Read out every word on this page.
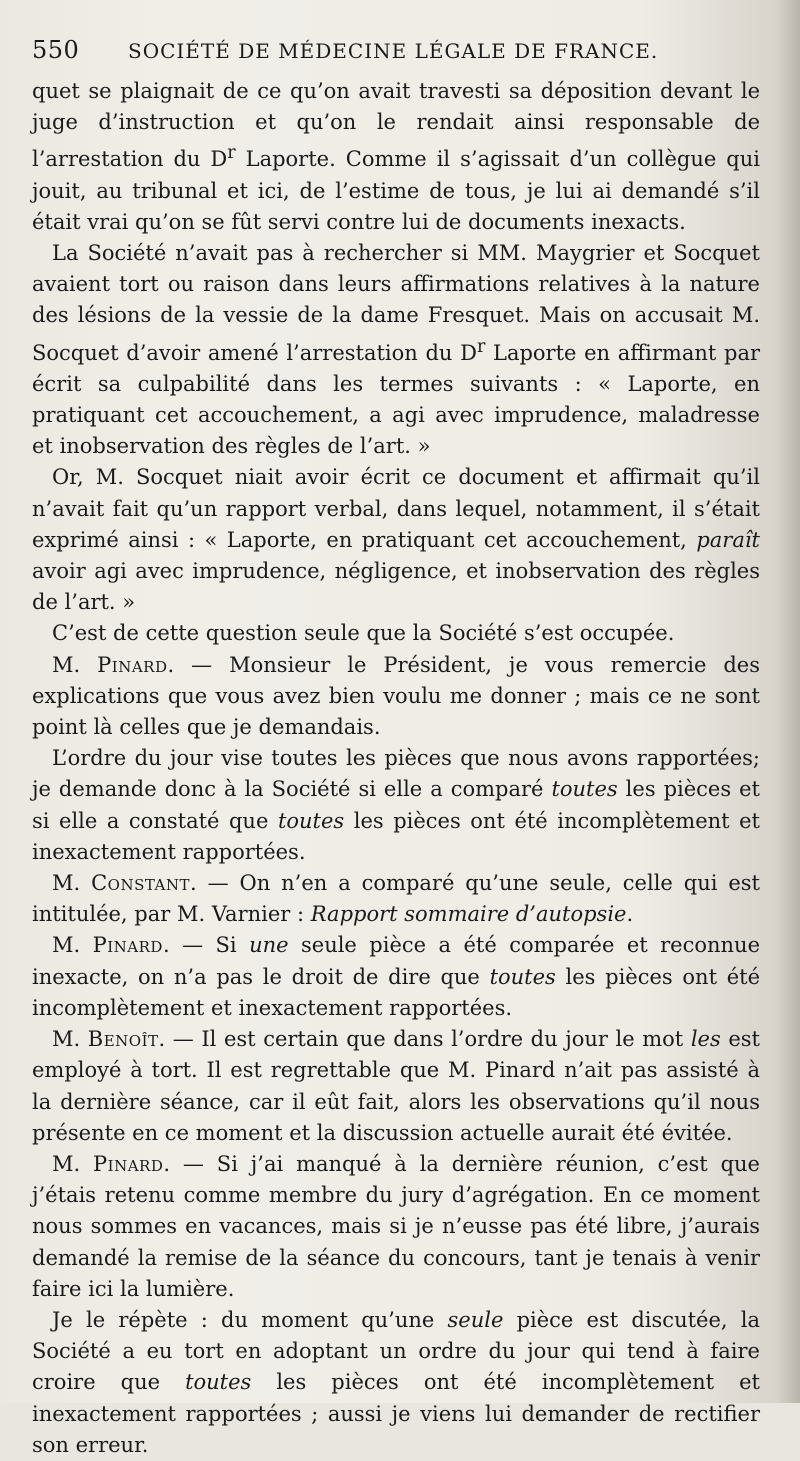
550	SOCIÉTÉ DE MÉDECINE LÉGALE DE FRANCE.

quet se plaignait de ce qu’on avait travesti sa déposition devant le juge d’instruction et qu’on le rendait ainsi responsable de l’arrestation du $D^r$ Laporte. Comme il s’agissait d’un collègue qui jouit, au tribunal et ici, de l’estime de tous, je lui ai demandé s’il était vrai qu’on se fût servi contre lui de documents inexacts.

La Société n’avait pas à rechercher si MM. Maygrier et Socquet avaient tort ou raison dans leurs affirmations relatives à la nature des lésions de la vessie de la dame Fresquet. Mais on accusait M. Socquet d’avoir amené l’arrestation du $D^r$ Laporte en affirmant par écrit sa culpabilité dans les termes suivants : « Laporte, en pratiquant cet accouchement, a agi avec imprudence, maladresse et inobservation des règles de l’art. »

Or, M. Socquet niait avoir écrit ce document et affirmait qu’il n’avait fait qu’un rapport verbal, dans lequel, notamment, il s’était exprimé ainsi : « Laporte, en pratiquant cet accouchement, paraît avoir agi avec imprudence, négligence, et inobservation des règles de l’art. »

C’est de cette question seule que la Société s’est occupée.

M. Pinard. — Monsieur le Président, je vous remercie des explications que vous avez bien voulu me donner ; mais ce ne sont point là celles que je demandais.

L’ordre du jour vise toutes les pièces que nous avons rapportées; je demande donc à la Société si elle a comparé toutes les pièces et si elle a constaté que toutes les pièces ont été incomplètement et inexactement rapportées.

M. Constant. — On n’en a comparé qu’une seule, celle qui est intitulée, par M. Varnier : Rapport sommaire d’autopsie.

M. Pinard. — Si une seule pièce a été comparée et reconnue inexacte, on n’a pas le droit de dire que toutes les pièces ont été incomplètement et inexactement rapportées.

M. Benoît. — Il est certain que dans l’ordre du jour le mot les est employé à tort. Il est regrettable que M. Pinard n’ait pas assisté à la dernière séance, car il eût fait, alors les observations qu’il nous présente en ce moment et la discussion actuelle aurait été évitée.

M. Pinard. — Si j’ai manqué à la dernière réunion, c’est que j’étais retenu comme membre du jury d’agrégation. En ce moment nous sommes en vacances, mais si je n’eusse pas été libre, j’aurais demandé la remise de la séance du concours, tant je tenais à venir faire ici la lumière.

Je le répète : du moment qu’une seule pièce est discutée, la Société a eu tort en adoptant un ordre du jour qui tend à faire croire que toutes les pièces ont été incomplètement et inexactement rapportées ; aussi je viens lui demander de rectifier son erreur.
